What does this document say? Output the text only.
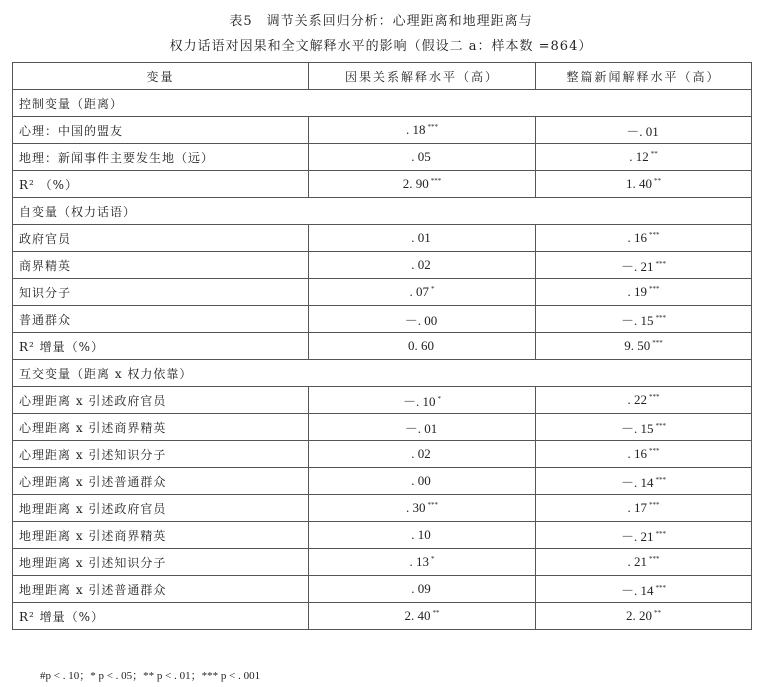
表5　调节关系回归分析：心理距离和地理距离与
权力话语对因果和全文解释水平的影响（假设二 a：样本数 =864）
变量	因果关系解释水平（高）	整篇新闻解释水平（高）
控制变量（距离）		
心理：中国的盟友	. 18 ***	－. 01
地理：新闻事件主要发生地（远）	. 05	. 12 **
R² （%）	2. 90 ***	1. 40 **
自变量（权力话语）		
政府官员	. 01	. 16 ***
商界精英	. 02	－. 21 ***
知识分子	. 07 *	. 19 ***
普通群众	－. 00	－. 15 ***
R² 增量（%）	0. 60	9. 50 ***
互交变量（距离 x 权力依靠）		
心理距离 x 引述政府官员	－. 10 *	. 22 ***
心理距离 x 引述商界精英	－. 01	－. 15 ***
心理距离 x 引述知识分子	. 02	. 16 ***
心理距离 x 引述普通群众	. 00	－. 14 ***
地理距离 x 引述政府官员	. 30 ***	. 17 ***
地理距离 x 引述商界精英	. 10	－. 21 ***
地理距离 x 引述知识分子	. 13 *	. 21 ***
地理距离 x 引述普通群众	. 09	－. 14 ***
R² 增量（%）	2. 40 **	2. 20 **
#p < . 10；* p < . 05；** p < . 01；*** p < . 001
